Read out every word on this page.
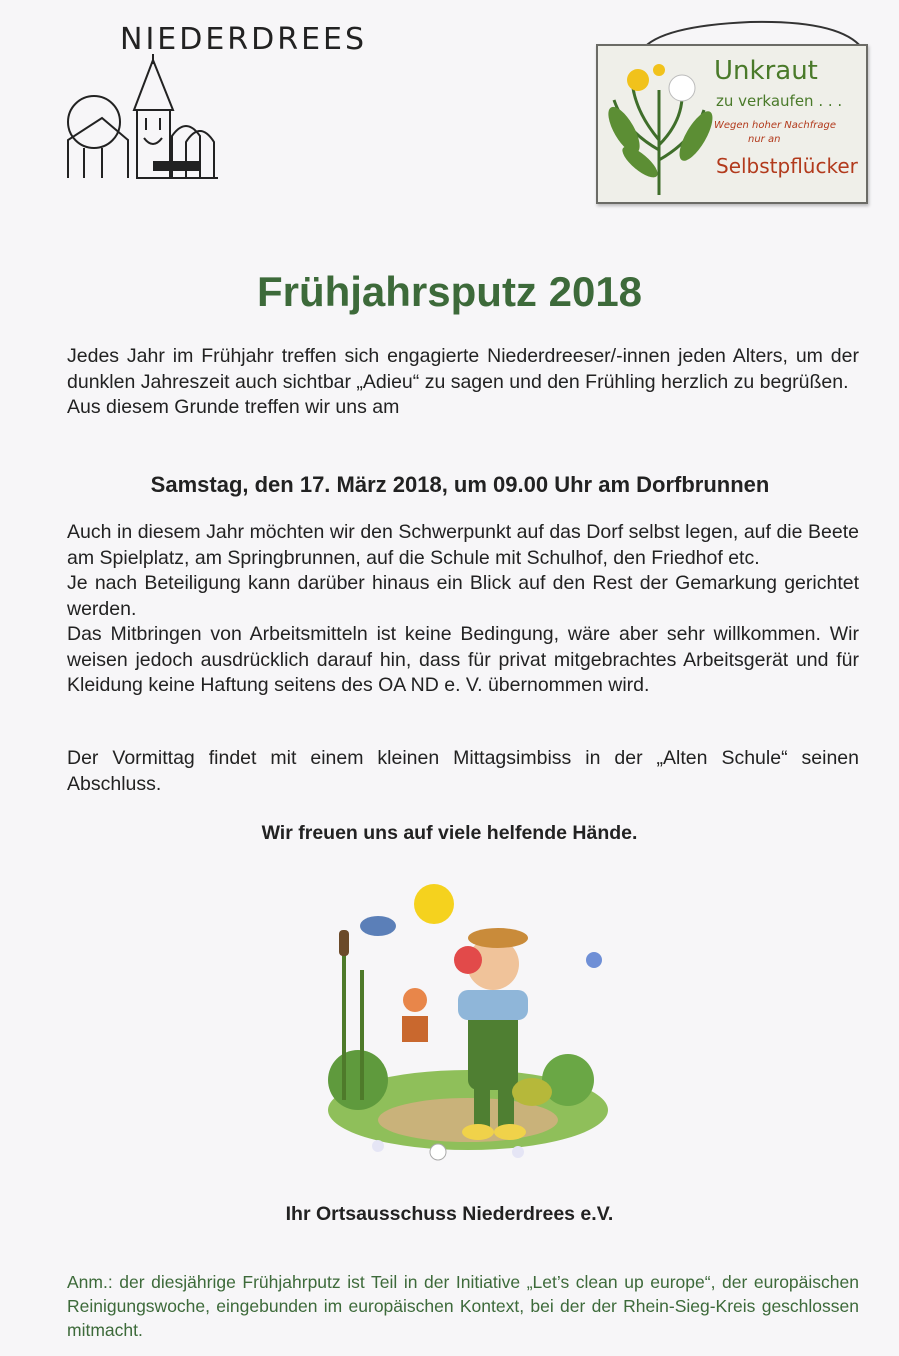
NIEDERDREES
Unkraut
zu verkaufen . . .
Wegen hoher Nachfrage
nur an
Selbstpflücker
Frühjahrsputz 2018

Jedes Jahr im Frühjahr treffen sich engagierte Niederdreeser/-innen jeden Alters, um der dunklen Jahreszeit auch sichtbar „Adieu“ zu sagen und den Frühling herzlich zu begrüßen.

Aus diesem Grunde treffen wir uns am

Samstag, den 17. März 2018, um 09.00 Uhr am Dorfbrunnen

Auch in diesem Jahr möchten wir den Schwerpunkt auf das Dorf selbst legen, auf die Beete am Spielplatz, am Springbrunnen, auf die Schule mit Schulhof, den Friedhof etc.

Je nach Beteiligung kann darüber hinaus ein Blick auf den Rest der Gemarkung gerichtet werden.

Das Mitbringen von Arbeitsmitteln ist keine Bedingung, wäre aber sehr willkommen. Wir weisen jedoch ausdrücklich darauf hin, dass für privat mitgebrachtes Arbeitsgerät und für Kleidung keine Haftung seitens des OA ND e. V. übernommen wird.

Der Vormittag findet mit einem kleinen Mittagsimbiss in der „Alten Schule“ seinen Abschluss.

Wir freuen uns auf viele helfende Hände.
Ihr Ortsausschuss Niederdrees e.V.
Anm.: der diesjährige Frühjahrputz ist Teil in der Initiative „Let’s clean up europe“, der europäischen Reinigungswoche, eingebunden im europäischen Kontext, bei der der Rhein-Sieg-Kreis geschlossen mitmacht.
